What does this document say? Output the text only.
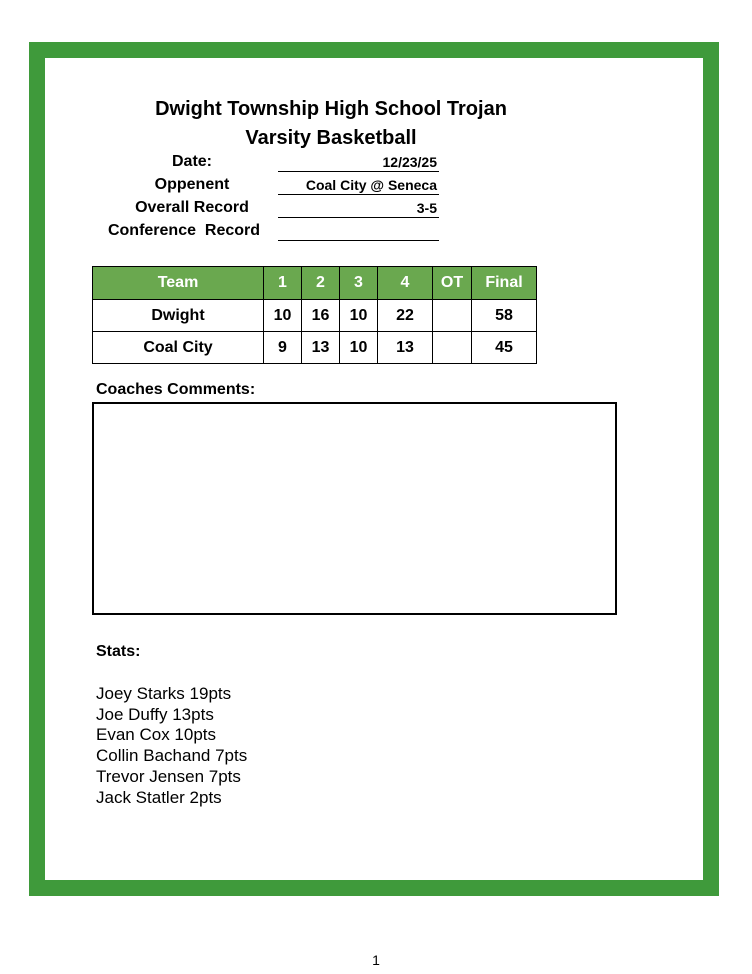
Dwight Township High School Trojan
Varsity Basketball
Date:	12/23/25
Oppenent	Coal City @ Seneca
Overall Record	3-5
Conference  Record
Team	1	2	3	4	OT	Final
Dwight	10	16	10	22		58
Coal City	9	13	10	13		45
Coaches Comments:
Stats:
Joey Starks 19pts
Joe Duffy 13pts
Evan Cox 10pts
Collin Bachand 7pts
Trevor Jensen 7pts
Jack Statler 2pts
1
